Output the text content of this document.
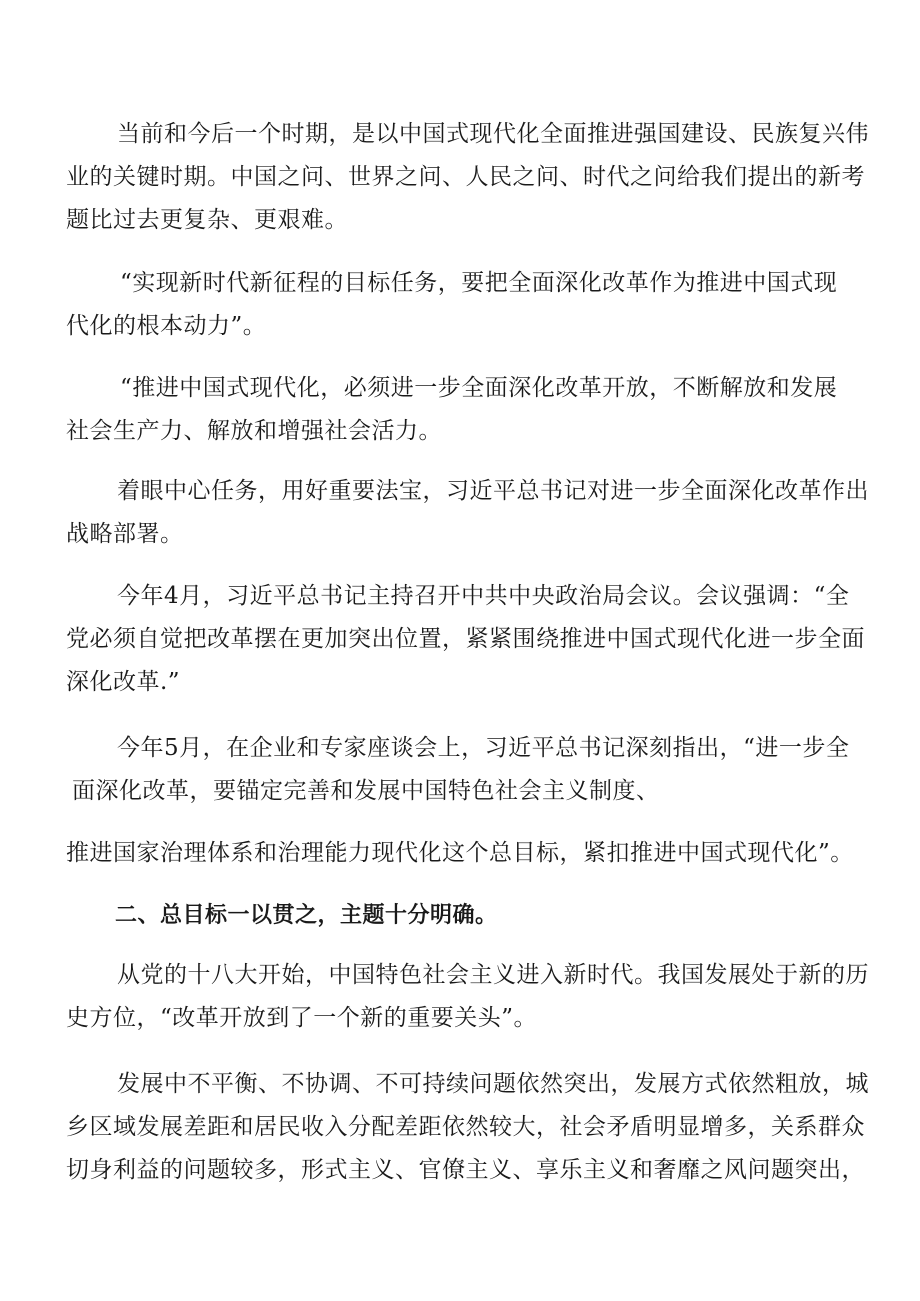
当前和今后一个时期，是以中国式现代化全面推进强国建设、民族复兴伟
业的关键时期。中国之问、世界之问、人民之问、时代之问给我们提出的新考
题比过去更复杂、更艰难。
“实现新时代新征程的目标任务，要把全面深化改革作为推进中国式现
代化的根本动力”。
“推进中国式现代化，必须进一步全面深化改革开放，不断解放和发展
社会生产力、解放和增强社会活力。
着眼中心任务，用好重要法宝，习近平总书记对进一步全面深化改革作出
战略部署。
今年4月，习近平总书记主持召开中共中央政治局会议。会议强调：“全
党必须自觉把改革摆在更加突出位置，紧紧围绕推进中国式现代化进一步全面
深化改革.”
今年5月，在企业和专家座谈会上，习近平总书记深刻指出，“进一步全
面深化改革，要锚定完善和发展中国特色社会主义制度、
推进国家治理体系和治理能力现代化这个总目标，紧扣推进中国式现代化”。
二、总目标一以贯之，主题十分明确。
从党的十八大开始，中国特色社会主义进入新时代。我国发展处于新的历
史方位，“改革开放到了一个新的重要关头”。
发展中不平衡、不协调、不可持续问题依然突出，发展方式依然粗放，城
乡区域发展差距和居民收入分配差距依然较大，社会矛盾明显增多，关系群众
切身利益的问题较多，形式主义、官僚主义、享乐主义和奢靡之风问题突出，
